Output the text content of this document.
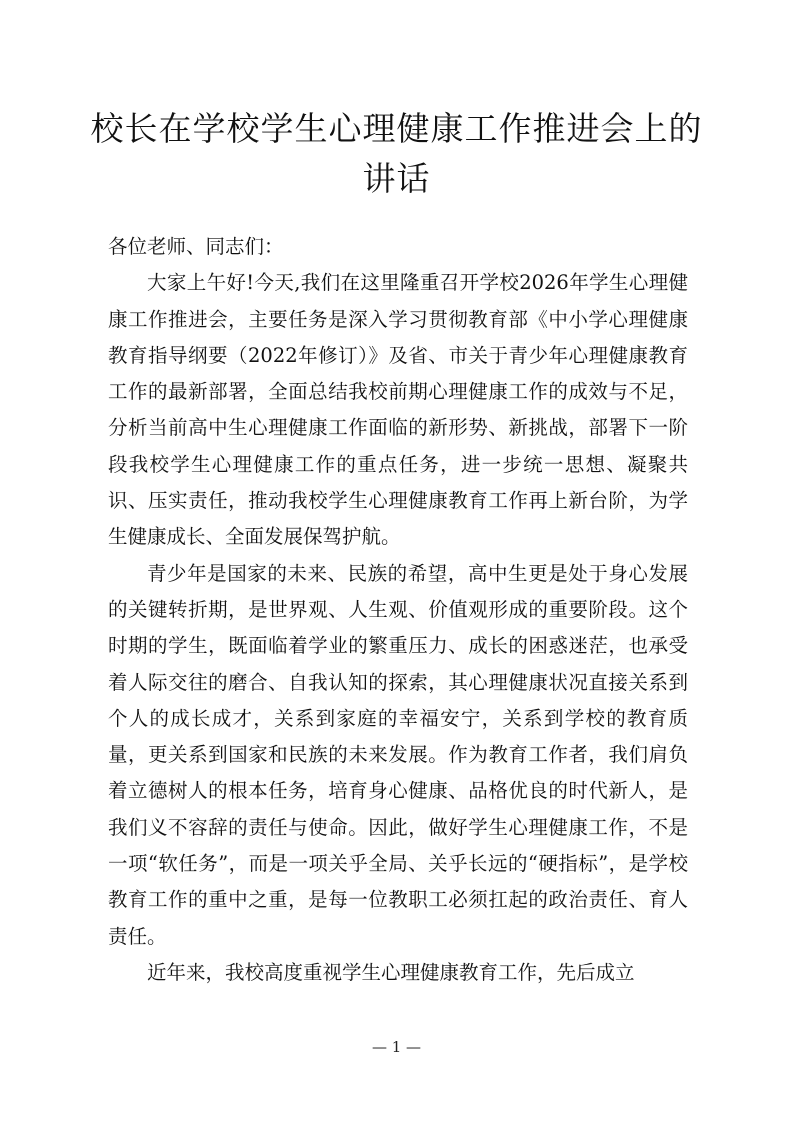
校长在学校学生心理健康工作推进会上的讲话

各位老师、同志们：

大家上午好!今天,我们在这里隆重召开学校2026年学生心理健康工作推进会，主要任务是深入学习贯彻教育部《中小学心理健康教育指导纲要（2022年修订）》及省、市关于青少年心理健康教育工作的最新部署，全面总结我校前期心理健康工作的成效与不足，分析当前高中生心理健康工作面临的新形势、新挑战，部署下一阶段我校学生心理健康工作的重点任务，进一步统一思想、凝聚共识、压实责任，推动我校学生心理健康教育工作再上新台阶，为学生健康成长、全面发展保驾护航。

青少年是国家的未来、民族的希望，高中生更是处于身心发展的关键转折期，是世界观、人生观、价值观形成的重要阶段。这个时期的学生，既面临着学业的繁重压力、成长的困惑迷茫，也承受着人际交往的磨合、自我认知的探索，其心理健康状况直接关系到个人的成长成才，关系到家庭的幸福安宁，关系到学校的教育质量，更关系到国家和民族的未来发展。作为教育工作者，我们肩负着立德树人的根本任务，培育身心健康、品格优良的时代新人，是我们义不容辞的责任与使命。因此，做好学生心理健康工作，不是一项“软任务”，而是一项关乎全局、关乎长远的“硬指标”，是学校教育工作的重中之重，是每一位教职工必须扛起的政治责任、育人责任。

近年来，我校高度重视学生心理健康教育工作，先后成立

— 1 —
